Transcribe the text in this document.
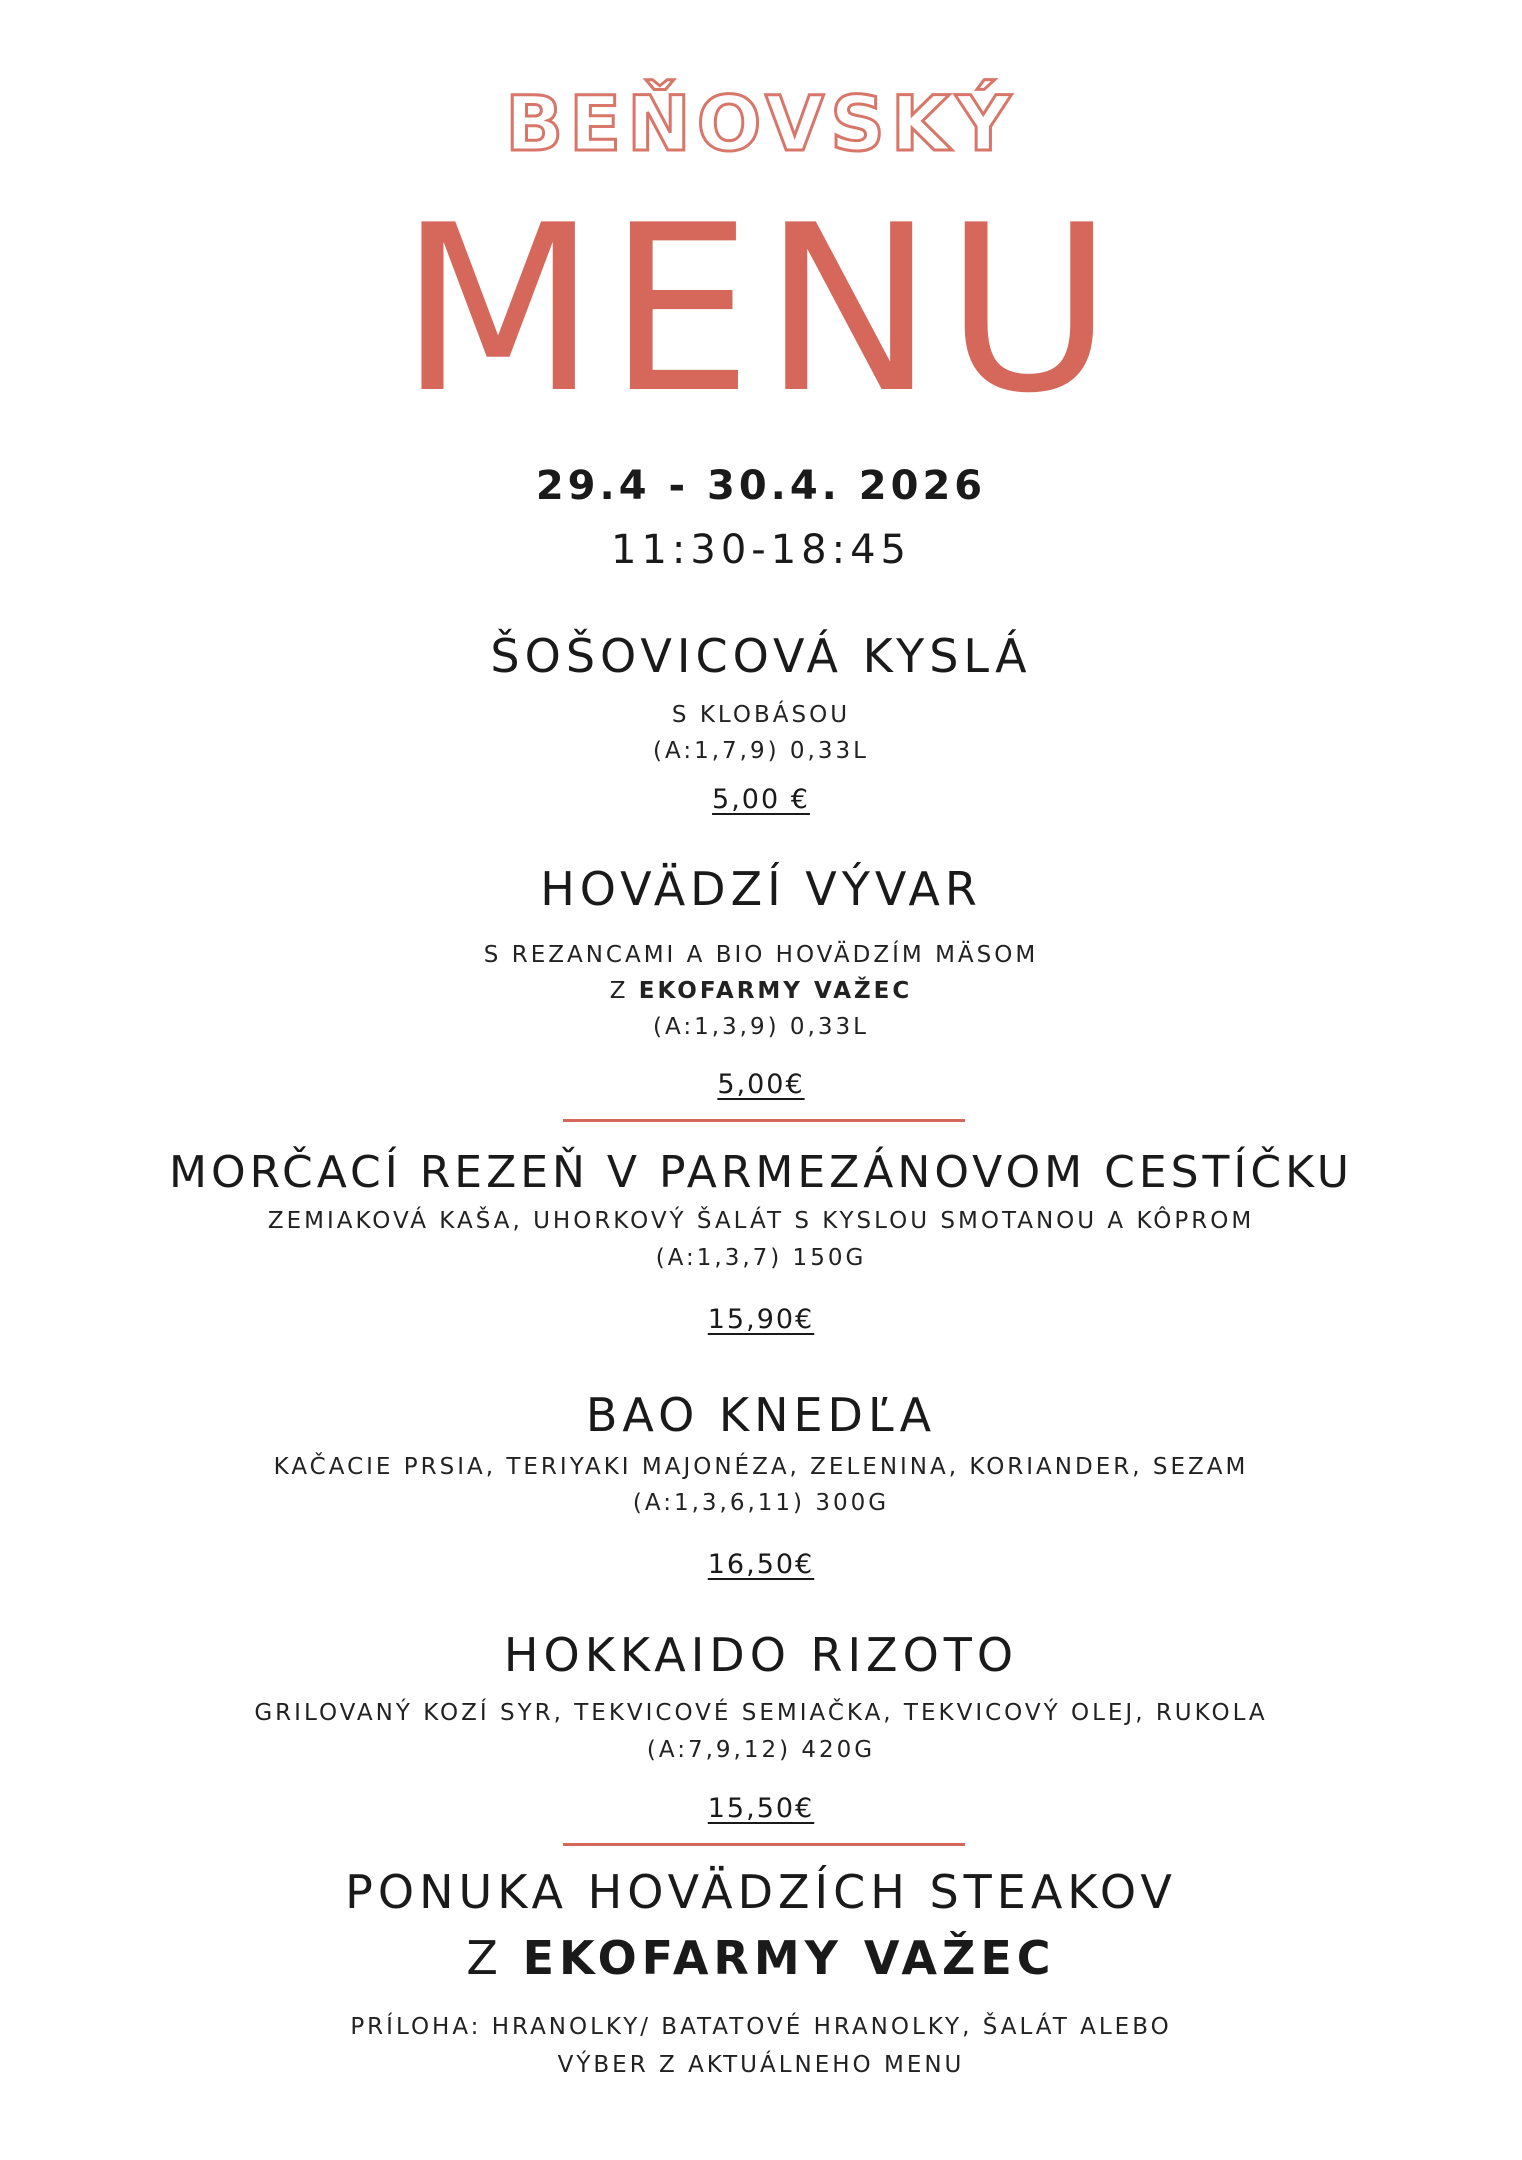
BEŇOVSKÝ
MENU
29.4 - 30.4. 2026
11:30-18:45
ŠOŠOVICOVÁ KYSLÁ
S KLOBÁSOU
(A:1,7,9) 0,33L
5,00 €
HOVÄDZÍ VÝVAR
S REZANCAMI A BIO HOVÄDZÍM MÄSOM
Z EKOFARMY VAŽEC
(A:1,3,9) 0,33L
5,00€
MORČACÍ REZEŇ V PARMEZÁNOVOM CESTÍČKU
ZEMIAKOVÁ KAŠA, UHORKOVÝ ŠALÁT S KYSLOU SMOTANOU A KÔPROM
(A:1,3,7) 150G
15,90€
BAO KNEDĽA
KAČACIE PRSIA, TERIYAKI MAJONÉZA, ZELENINA, KORIANDER, SEZAM
(A:1,3,6,11) 300G
16,50€
HOKKAIDO RIZOTO
GRILOVANÝ KOZÍ SYR, TEKVICOVÉ SEMIAČKA, TEKVICOVÝ OLEJ, RUKOLA
(A:7,9,12) 420G
15,50€
PONUKA HOVÄDZÍCH STEAKOV
Z EKOFARMY VAŽEC
PRÍLOHA: HRANOLKY/ BATATOVÉ HRANOLKY, ŠALÁT ALEBO
VÝBER Z AKTUÁLNEHO MENU
